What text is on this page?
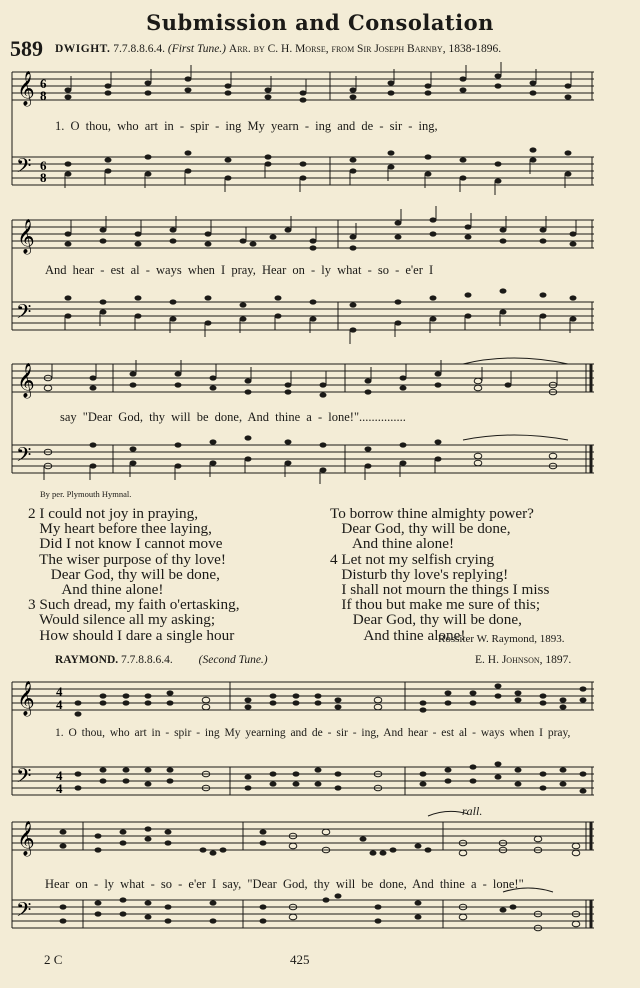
Submission and Consolation
589 DWIGHT. 7.7.8.8.6.4. (First Tune.) Arr. by C. H. Morse, from Sir Joseph Barnby, 1838-1896.
𝄞
𝄢
6
8
6
8
1. O thou, who art in - spir - ing My yearn - ing and de - sir - ing,
𝄞
𝄢
And hear - est al - ways when I pray, Hear on - ly what - so - e'er I
𝄞
𝄢
say "Dear God, thy will be done, And thine a - lone!"...............
By per. Plymouth Hymnal.
2 I could not joy in praying,
My heart before thee laying,
Did I not know I cannot move
The wiser purpose of thy love!
Dear God, thy will be done,
And thine alone!
3 Such dread, my faith o'ertasking,
Would silence all my asking;
How should I dare a single hour
To borrow thine almighty power?
Dear God, thy will be done,
And thine alone!
4 Let not my selfish crying
Disturb thy love's replying!
I shall not mourn the things I miss
If thou but make me sure of this;
Dear God, thy will be done,
And thine alone!
Rossiter W. Raymond, 1893.
RAYMOND. 7.7.8.8.6.4. (Second Tune.)	E. H. Johnson, 1897.
𝄞
𝄢
4
4
4
4
1. O thou, who art in - spir - ing My yearning and de - sir - ing, And hear - est al - ways when I pray,
𝄞
𝄢
rall.
Hear on - ly what - so - e'er I say, "Dear God, thy will be done, And thine a - lone!"
2 C	425
